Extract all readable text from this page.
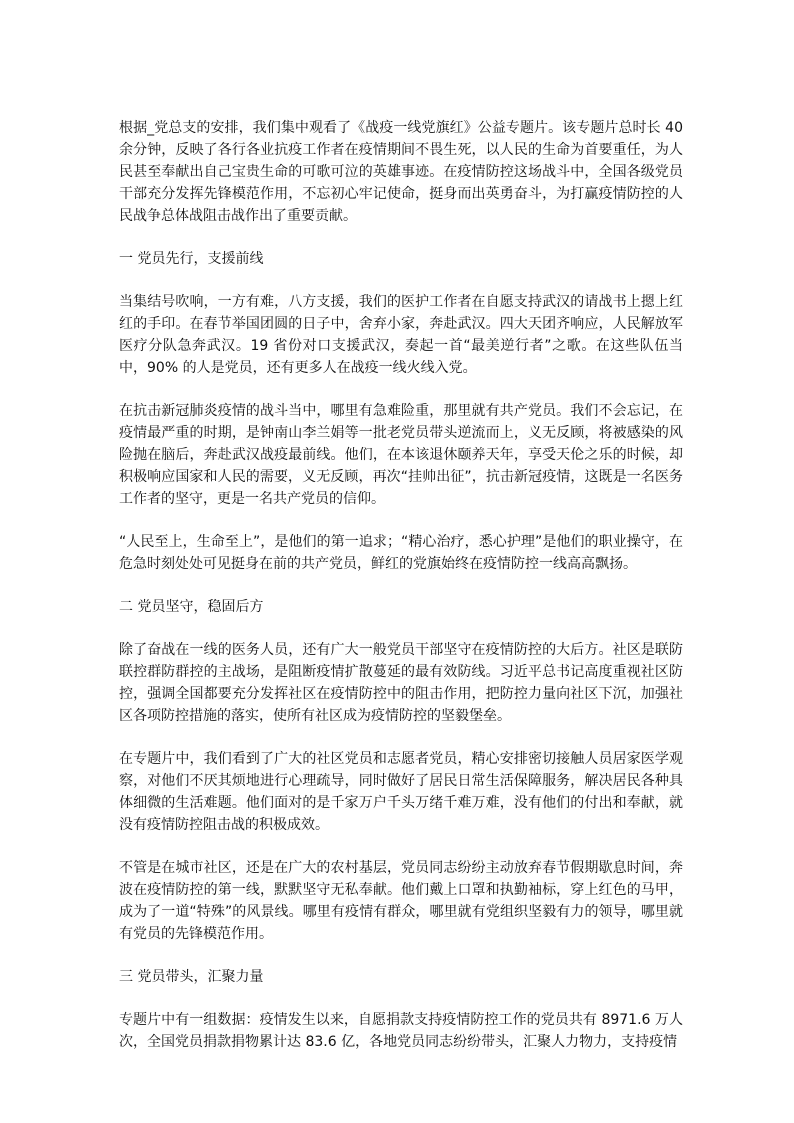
根据_党总支的安排，我们集中观看了《战疫一线党旗红》公益专题片。该专题片总时长 40 余分钟，反映了各行各业抗疫工作者在疫情期间不畏生死，以人民的生命为首要重任，为人民甚至奉献出自己宝贵生命的可歌可泣的英雄事迹。在疫情防控这场战斗中，全国各级党员干部充分发挥先锋模范作用，不忘初心牢记使命，挺身而出英勇奋斗，为打赢疫情防控的人民战争总体战阻击战作出了重要贡献。

一 党员先行，支援前线

当集结号吹响，一方有难，八方支援，我们的医护工作者在自愿支持武汉的请战书上摁上红红的手印。在春节举国团圆的日子中，舍弃小家，奔赴武汉。四大天团齐响应，人民解放军医疗分队急奔武汉。19 省份对口支援武汉，奏起一首“最美逆行者”之歌。在这些队伍当中，90% 的人是党员，还有更多人在战疫一线火线入党。

在抗击新冠肺炎疫情的战斗当中，哪里有急难险重，那里就有共产党员。我们不会忘记，在疫情最严重的时期，是钟南山李兰娟等一批老党员带头逆流而上，义无反顾，将被感染的风险抛在脑后，奔赴武汉战疫最前线。他们，在本该退休颐养天年，享受天伦之乐的时候，却积极响应国家和人民的需要，义无反顾，再次“挂帅出征”，抗击新冠疫情，这既是一名医务工作者的坚守，更是一名共产党员的信仰。

“人民至上，生命至上”，是他们的第一追求；“精心治疗，悉心护理”是他们的职业操守，在危急时刻处处可见挺身在前的共产党员，鲜红的党旗始终在疫情防控一线高高飘扬。

二 党员坚守，稳固后方

除了奋战在一线的医务人员，还有广大一般党员干部坚守在疫情防控的大后方。社区是联防联控群防群控的主战场，是阻断疫情扩散蔓延的最有效防线。习近平总书记高度重视社区防控，强调全国都要充分发挥社区在疫情防控中的阻击作用，把防控力量向社区下沉，加强社区各项防控措施的落实，使所有社区成为疫情防控的坚毅堡垒。

在专题片中，我们看到了广大的社区党员和志愿者党员，精心安排密切接触人员居家医学观察，对他们不厌其烦地进行心理疏导，同时做好了居民日常生活保障服务，解决居民各种具体细微的生活难题。他们面对的是千家万户千头万绪千难万难，没有他们的付出和奉献，就没有疫情防控阻击战的积极成效。

不管是在城市社区，还是在广大的农村基层，党员同志纷纷主动放弃春节假期歇息时间，奔波在疫情防控的第一线，默默坚守无私奉献。他们戴上口罩和执勤袖标，穿上红色的马甲，成为了一道“特殊”的风景线。哪里有疫情有群众，哪里就有党组织坚毅有力的领导，哪里就有党员的先锋模范作用。

三 党员带头，汇聚力量

专题片中有一组数据：疫情发生以来，自愿捐款支持疫情防控工作的党员共有 8971.6 万人次，全国党员捐款捐物累计达 83.6 亿，各地党员同志纷纷带头，汇聚人力物力，支持疫情
